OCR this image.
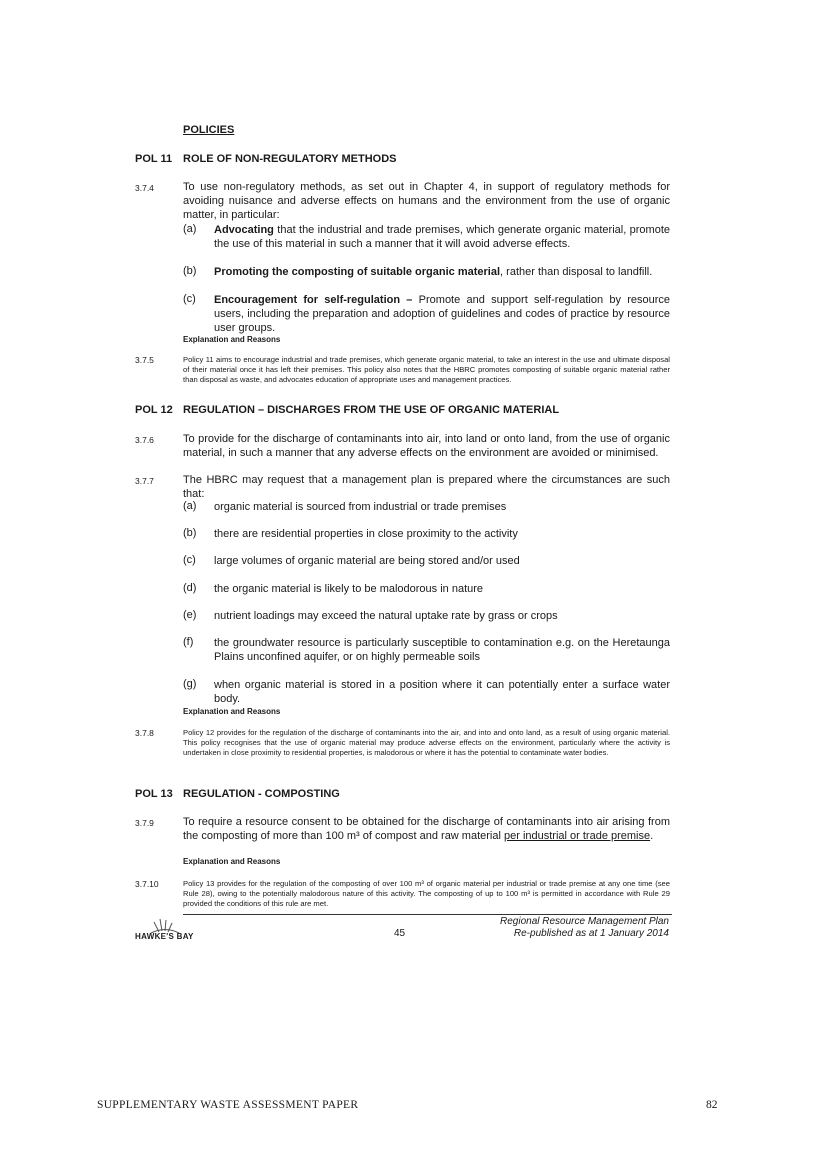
POLICIES
POL 11 ROLE OF NON-REGULATORY METHODS
3.7.4	To use non-regulatory methods, as set out in Chapter 4, in support of regulatory methods for avoiding nuisance and adverse effects on humans and the environment from the use of organic matter, in particular:
(a) Advocating that the industrial and trade premises, which generate organic material, promote the use of this material in such a manner that it will avoid adverse effects.
(b) Promoting the composting of suitable organic material, rather than disposal to landfill.
(c) Encouragement for self-regulation – Promote and support self-regulation by resource users, including the preparation and adoption of guidelines and codes of practice by resource user groups.
Explanation and Reasons
3.7.5	Policy 11 aims to encourage industrial and trade premises, which generate organic material, to take an interest in the use and ultimate disposal of their material once it has left their premises. This policy also notes that the HBRC promotes composting of suitable organic material rather than disposal as waste, and advocates education of appropriate uses and management practices.
POL 12 REGULATION – DISCHARGES FROM THE USE OF ORGANIC MATERIAL
3.7.6	To provide for the discharge of contaminants into air, into land or onto land, from the use of organic material, in such a manner that any adverse effects on the environment are avoided or minimised.
3.7.7	The HBRC may request that a management plan is prepared where the circumstances are such that:
(a) organic material is sourced from industrial or trade premises
(b) there are residential properties in close proximity to the activity
(c) large volumes of organic material are being stored and/or used
(d) the organic material is likely to be malodorous in nature
(e) nutrient loadings may exceed the natural uptake rate by grass or crops
(f) the groundwater resource is particularly susceptible to contamination e.g. on the Heretaunga Plains unconfined aquifer, or on highly permeable soils
(g) when organic material is stored in a position where it can potentially enter a surface water body.
Explanation and Reasons
3.7.8	Policy 12 provides for the regulation of the discharge of contaminants into the air, and into and onto land, as a result of using organic material. This policy recognises that the use of organic material may produce adverse effects on the environment, particularly where the activity is undertaken in close proximity to residential properties, is malodorous or where it has the potential to contaminate water bodies.
POL 13 REGULATION - COMPOSTING
3.7.9	To require a resource consent to be obtained for the discharge of contaminants into air arising from the composting of more than 100 m³ of compost and raw material per industrial or trade premise.
Explanation and Reasons
3.7.10	Policy 13 provides for the regulation of the composting of over 100 m³ of organic material per industrial or trade premise at any one time (see Rule 28), owing to the potentially malodorous nature of this activity. The composting of up to 100 m³ is permitted in accordance with Rule 29 provided the conditions of this rule are met.
HAWKE'S BAY	45
Regional Resource Management Plan
Re-published as at 1 January 2014
SUPPLEMENTARY WASTE ASSESSMENT PAPER	82
